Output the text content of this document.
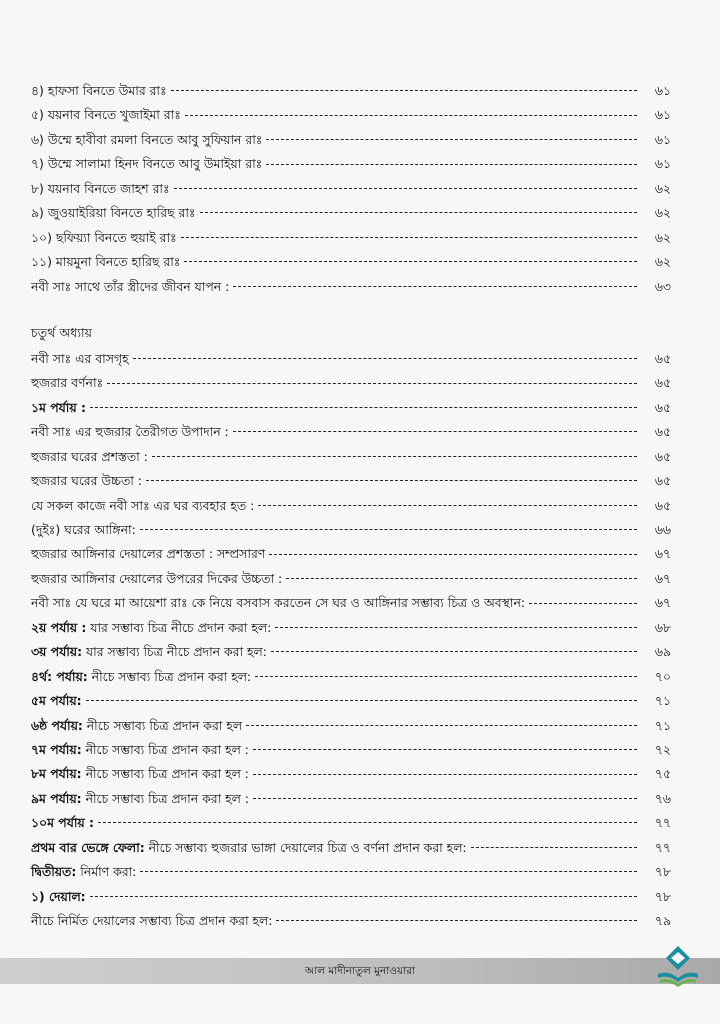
৪) হাফসা বিনতে উমার রাঃ	৬১
৫) যয়নাব বিনতে খুজাইমা রাঃ	৬১
৬) উম্মে হাবীবা রমলা বিনতে আবু সুফিয়ান রাঃ	৬১
৭) উম্মে সালামা হিনদ বিনতে আবু উমাইয়া রাঃ	৬১
৮) যয়নাব বিনতে জাহশ রাঃ	৬২
৯) জুওয়াইরিয়া বিনতে হারিছ রাঃ	৬২
১০) ছফিয়্যা বিনতে হুয়াই রাঃ	৬২
১১) মায়মুনা বিনতে হারিছ রাঃ	৬২
নবী সাঃ সাথে তাঁর স্ত্রীদের জীবন যাপন :	৬৩
চতুর্থ অধ্যায়
নবী সাঃ এর বাসগৃহ	৬৫
হুজরার বর্ণনাঃ	৬৫
১ম পর্যায় :	৬৫
নবী সাঃ এর হুজরার তৈরীগত উপাদান :	৬৫
হুজরার ঘরের প্রশস্ততা :	৬৫
হুজরার ঘরের উচ্চতা :	৬৫
যে সকল কাজে নবী সাঃ এর ঘর ব্যবহার হত :	৬৫
(দুইঃ) ঘরের আঙ্গিনা:	৬৬
হুজরার আঙ্গিনার দেয়ালের প্রশস্ততা : সম্প্রসারণ	৬৭
হুজরার আঙ্গিনার দেয়ালের উপরের দিকের উচ্চতা :	৬৭
নবী সাঃ যে ঘরে মা আয়েশা রাঃ কে নিয়ে বসবাস করতেন সে ঘর ও আঙ্গিনার সম্ভাব্য চিত্র ও অবস্থান:	৬৭
২য় পর্যায় : যার সম্ভাব্য চিত্র নীচে প্রদান করা হল:	৬৮
৩য় পর্যায়: যার সম্ভাব্য চিত্র নীচে প্রদান করা হল:	৬৯
৪র্থ: পর্যায়: নীচে সম্ভাব্য চিত্র প্রদান করা হল:	৭০
৫ম পর্যায়:	৭১
৬ষ্ঠ পর্যায়: নীচে সম্ভাব্য চিত্র প্রদান করা হল	৭১
৭ম পর্যায়: নীচে সম্ভাব্য চিত্র প্রদান করা হল :	৭২
৮ম পর্যায়: নীচে সম্ভাব্য চিত্র প্রদান করা হল :	৭৫
৯ম পর্যায়: নীচে সম্ভাব্য চিত্র প্রদান করা হল :	৭৬
১০ম পর্যায় :	৭৭
প্রথম বার ভেঙ্গে ফেলা: নীচে সম্ভাব্য হুজরার ভাঙ্গা দেয়ালের চিত্র ও বর্ণনা প্রদান করা হল:	৭৭
দ্বিতীয়ত: নির্মাণ করা:	৭৮
১) দেয়াল:	৭৮
নীচে নির্মিত দেয়ালের সম্ভাব্য চিত্র প্রদান করা হল:	৭৯
আল মাদীনাতুল মুনাওয়ারা
